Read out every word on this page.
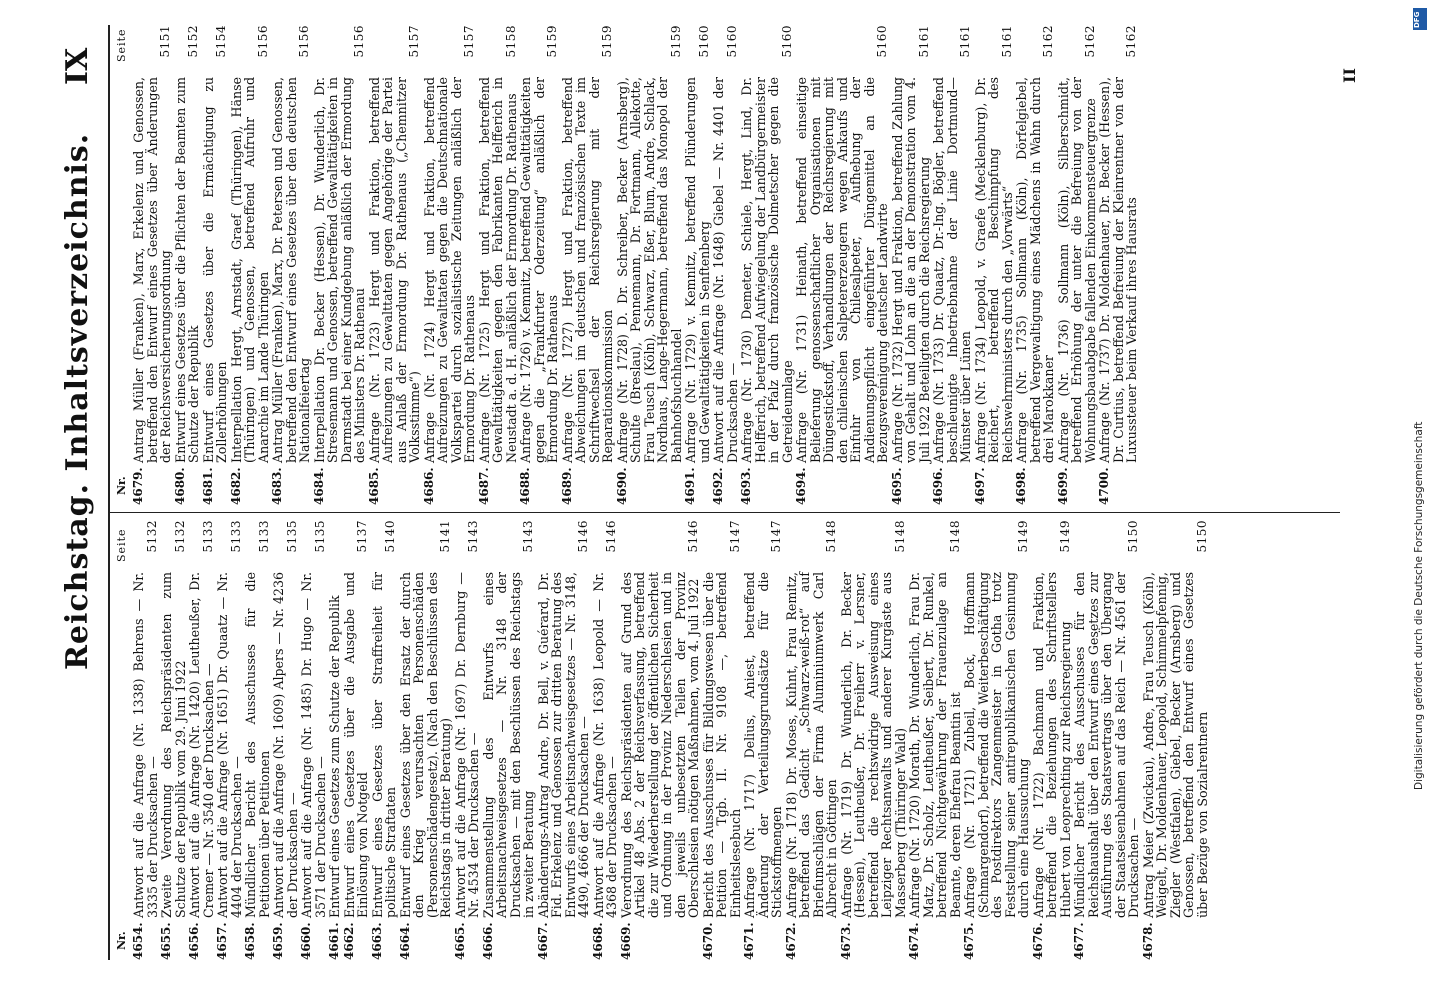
Reichstag. Inhaltsverzeichnis.
IX
Nr.
Seite
Nr.
Seite
4654.
Antwort auf die Anfrage (Nr. 1338) Behrens — Nr. 3335 der Drucksachen —
5132
4655.
Zweite Verordnung des Reichspräsidenten zum Schutze der Republik vom 29. Juni 1922
5132
4656.
Antwort auf die Anfrage (Nr. 1420) Leutheußer, Dr. Cremer — Nr. 3540 der Drucksachen —
5133
4657.
Antwort auf die Anfrage (Nr. 1651) Dr. Quaatz — Nr. 4404 der Drucksachen —
5133
4658.
Mündlicher Bericht des Ausschusses für die Petitionen über Petitionen
5133
4659.
Antwort auf die Anfrage (Nr. 1609) Alpers — Nr. 4236 der Drucksachen —
5135
4660.
Antwort auf die Anfrage (Nr. 1485) Dr. Hugo — Nr. 3571 der Drucksachen —
5135
4661.
Entwurf eines Gesetzes zum Schutze der Republik
4662.
Entwurf eines Gesetzes über die Ausgabe und Einlösung von Notgeld
5137
4663.
Entwurf eines Gesetzes über Straffreiheit für politische Straftaten
5140
4664.
Entwurf eines Gesetzes über den Ersatz der durch den Krieg verursachten Personenschäden (Personenschädengesetz). (Nach den Beschlüssen des Reichstags in dritter Beratung)
5141
4665.
Antwort auf die Anfrage (Nr. 1697) Dr. Dernburg — Nr. 4534 der Drucksachen —
5143
4666.
Zusammenstellung des Entwurfs eines Arbeitsnachweisgesetzes — Nr. 3148 der Drucksachen — mit den Beschlüssen des Reichstags in zweiter Beratung
5143
4667.
Abänderungs-Antrag Andre, Dr. Bell, v. Guérard, Dr. Fid. Erkelenz und Genossen zur dritten Beratung des Entwurfs eines Arbeitsnachweisgesetzes — Nr. 3148, 4490, 4666 der Drucksachen —
5146
4668.
Antwort auf die Anfrage (Nr. 1638) Leopold — Nr. 4368 der Drucksachen —
5146
4669.
Verordnung des Reichspräsidenten auf Grund des Artikel 48 Abs. 2 der Reichsverfassung, betreffend die zur Wiederherstellung der öffentlichen Sicherheit und Ordnung in der Provinz Niederschlesien und in den jeweils unbesetzten Teilen der Provinz Oberschlesien nötigen Maßnahmen, vom 4. Juli 1922
5146
4670.
Bericht des Ausschusses für Bildungswesen über die Petition — Tgb. II. Nr. 9108 —, betreffend Einheitslesebuch
5147
4671.
Anfrage (Nr. 1717) Delius, Aniest, betreffend Änderung der Verteilungsgrundsätze für die Stickstoffmengen
5147
4672.
Anfrage (Nr. 1718) Dr. Moses, Kuhnt, Frau Remitz, betreffend das Gedicht „Schwarz-weiß-rot“ auf Briefumschlägen der Firma Aluminiumwerk Carl Albrecht in Göttingen
5148
4673.
Anfrage (Nr. 1719) Dr. Wunderlich, Dr. Becker (Hessen), Leutheußer, Dr. Freiherr v. Lersner, betreffend die rechtswidrige Ausweisung eines Leipziger Rechtsanwalts und anderer Kurgäste aus Masserberg (Thüringer Wald)
5148
4674.
Anfrage (Nr. 1720) Morath, Dr. Wunderlich, Frau Dr. Matz, Dr. Scholz, Leutheußer, Seibert, Dr. Runkel, betreffend Nichtgewährung der Frauenzulage an Beamte, deren Ehefrau Beamtin ist
5148
4675.
Anfrage (Nr. 1721) Zubeil, Bock, Hoffmann (Schmargendorf), betreffend die Weiterbeschäftigung des Postdirektors Zangenmeister in Gotha trotz Feststellung seiner antirepublikanischen Gesinnung durch eine Haussuchung
5149
4676.
Anfrage (Nr. 1722) Bachmann und Fraktion, betreffend die Beziehungen des Schriftstellers Hubert von Leoprechting zur Reichsregierung
5149
4677.
Mündlicher Bericht des Ausschusses für den Reichshaushalt über den Entwurf eines Gesetzes zur Ausführung des Staatsvertrags über den Übergang der Staatseisenbahnen auf das Reich — Nr. 4561 der Drucksachen —
5150
4678.
Antrag Meier (Zwickau), Andre, Frau Teusch (Köln), Weigelt, Dr. Moldenhauer, Leopold, Schimmelpfennig, Ziegler (Westfalen), Giebel, Becker (Arnsberg) und Genossen, betreffend den Entwurf eines Gesetzes über Bezüge von Sozialrentnern
5150
4679.
Antrag Müller (Franken), Marx, Erkelenz und Genossen, betreffend den Entwurf eines Gesetzes über Änderungen der Reichsversicherungsordnung
5151
4680.
Entwurf eines Gesetzes über die Pflichten der Beamten zum Schutze der Republik
5152
4681.
Entwurf eines Gesetzes über die Ermächtigung zu Zollerhöhungen
5154
4682.
Interpellation Hergt, Arnstadt, Graef (Thüringen), Hänse (Thüringen) und Genossen, betreffend Aufruhr und Anarchie im Lande Thüringen
5156
4683.
Antrag Müller (Franken), Marx, Dr. Petersen und Genossen, betreffend den Entwurf eines Gesetzes über den deutschen Nationalfeiertag
5156
4684.
Interpellation Dr. Becker (Hessen), Dr. Wunderlich, Dr. Stresemann und Genossen, betreffend Gewalttätigkeiten in Darmstadt bei einer Kundgebung anläßlich der Ermordung des Ministers Dr. Rathenau
5156
4685.
Anfrage (Nr. 1723) Hergt und Fraktion, betreffend Aufreizungen zu Gewalttaten gegen Angehörige der Partei aus Anlaß der Ermordung Dr. Rathenaus („Chemnitzer Volksstimme“)
5157
4686.
Anfrage (Nr. 1724) Hergt und Fraktion, betreffend Aufreizungen zu Gewalttaten gegen die Deutschnationale Volkspartei durch sozialistische Zeitungen anläßlich der Ermordung Dr. Rathenaus
5157
4687.
Anfrage (Nr. 1725) Hergt und Fraktion, betreffend Gewalttätigkeiten gegen den Fabrikanten Helfferich in Neustadt a. d. H. anläßlich der Ermordung Dr. Rathenaus
5158
4688.
Anfrage (Nr. 1726) v. Kemnitz, betreffend Gewalttätigkeiten gegen die „Frankfurter Oderzeitung“ anläßlich der Ermordung Dr. Rathenaus
5159
4689.
Anfrage (Nr. 1727) Hergt und Fraktion, betreffend Abweichungen im deutschen und französischen Texte im Schriftwechsel der Reichsregierung mit der Reparationskommission
5159
4690.
Anfrage (Nr. 1728) D. Dr. Schreiber, Becker (Arnsberg), Schulte (Breslau), Pennemann, Dr. Fortmann, Allekotte, Frau Teusch (Köln), Schwarz, Eßer, Blum, Andre, Schlack, Nordhaus, Lange-Hegermann, betreffend das Monopol der Bahnhofsbuchhandel
5159
4691.
Anfrage (Nr. 1729) v. Kemnitz, betreffend Plünderungen und Gewalttätigkeiten in Senftenberg
5160
4692.
Antwort auf die Anfrage (Nr. 1648) Giebel — Nr. 4401 der Drucksachen —
5160
4693.
Anfrage (Nr. 1730) Demeter, Schiele, Hergt, Lind, Dr. Helfferich, betreffend Aufwiegelung der Landbürgermeister in der Pfalz durch französische Dolmetscher gegen die Getreideumlage
5160
4694.
Anfrage (Nr. 1731) Heinath, betreffend einseitige Belieferung genossenschaftlicher Organisationen mit Düngestickstoff, Verhandlungen der Reichsregierung mit den chilenischen Salpetererzeugern wegen Ankaufs und Einfuhr von Chilesalpeter, Aufhebung der Andienungspflicht eingeführter Düngemittel an die Bezugsvereinigung deutscher Landwirte
5160
4695.
Anfrage (Nr. 1732) Hergt und Fraktion, betreffend Zahlung von Gehalt und Lohn an die an der Demonstration vom 4. Juli 1922 Beteiligten durch die Reichsregierung
5161
4696.
Anfrage (Nr. 1733) Dr. Quaatz, Dr.-Ing. Bögler, betreffend beschleunigte Inbetriebnahme der Linie Dortmund—Münster über Lünen
5161
4697.
Anfrage (Nr. 1734) Leopold, v. Graefe (Mecklenburg), Dr. Reichert, betreffend Beschimpfung des Reichswehrministers durch den „Vorwärts“
5161
4698.
Anfrage (Nr. 1735) Sollmann (Köln), Dörfelgiebel, betreffend Vergewaltigung eines Mädchens in Wahn durch drei Marokkaner
5162
4699.
Anfrage (Nr. 1736) Sollmann (Köln), Silberschmidt, betreffend Erhöhung der unter die Befreiung von der Wohnungsbauabgabe fallenden Einkommensteuergrenze
5162
4700.
Anfrage (Nr. 1737) Dr. Moldenhauer, Dr. Becker (Hessen), Dr. Curtius, betreffend Befreiung der Kleinrentner von der Luxussteuer beim Verkauf ihres Hausrats
5162
II
Digitalisierung gefördert durch die Deutsche Forschungsgemeinschaft
DFG
